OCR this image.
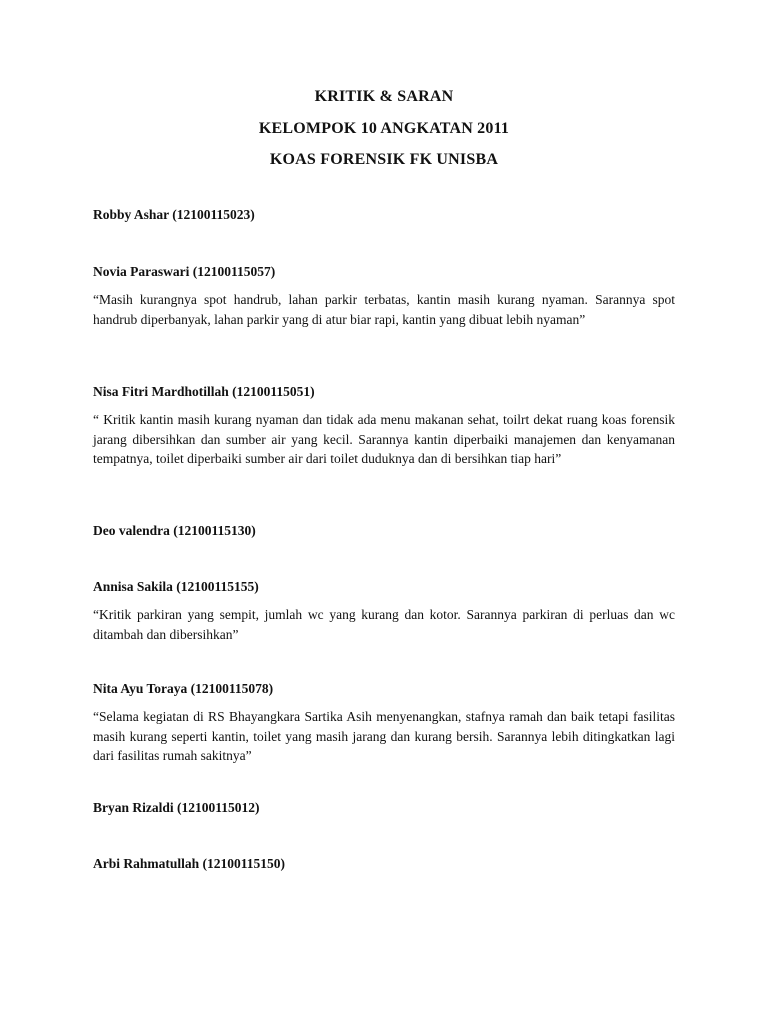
KRITIK & SARAN
KELOMPOK 10 ANGKATAN 2011
KOAS FORENSIK FK UNISBA
Robby Ashar (12100115023)
Novia Paraswari (12100115057)
“Masih kurangnya spot handrub, lahan parkir terbatas, kantin masih kurang nyaman. Sarannya spot handrub diperbanyak, lahan parkir yang di atur biar rapi, kantin yang dibuat lebih nyaman”
Nisa Fitri Mardhotillah (12100115051)
“ Kritik kantin masih kurang nyaman dan tidak ada menu makanan sehat, toilrt dekat ruang koas forensik jarang dibersihkan dan sumber air yang kecil. Sarannya kantin diperbaiki manajemen dan kenyamanan tempatnya, toilet diperbaiki sumber air dari toilet duduknya dan di bersihkan tiap hari”
Deo valendra (12100115130)
Annisa Sakila (12100115155)
“Kritik parkiran yang sempit, jumlah wc yang kurang dan kotor. Sarannya parkiran di perluas dan wc ditambah dan dibersihkan”
Nita Ayu Toraya (12100115078)
“Selama kegiatan di RS Bhayangkara Sartika Asih menyenangkan, stafnya ramah dan baik tetapi fasilitas masih kurang seperti kantin, toilet yang masih jarang dan kurang bersih. Sarannya lebih ditingkatkan lagi dari fasilitas rumah sakitnya”
Bryan Rizaldi (12100115012)
Arbi Rahmatullah (12100115150)
